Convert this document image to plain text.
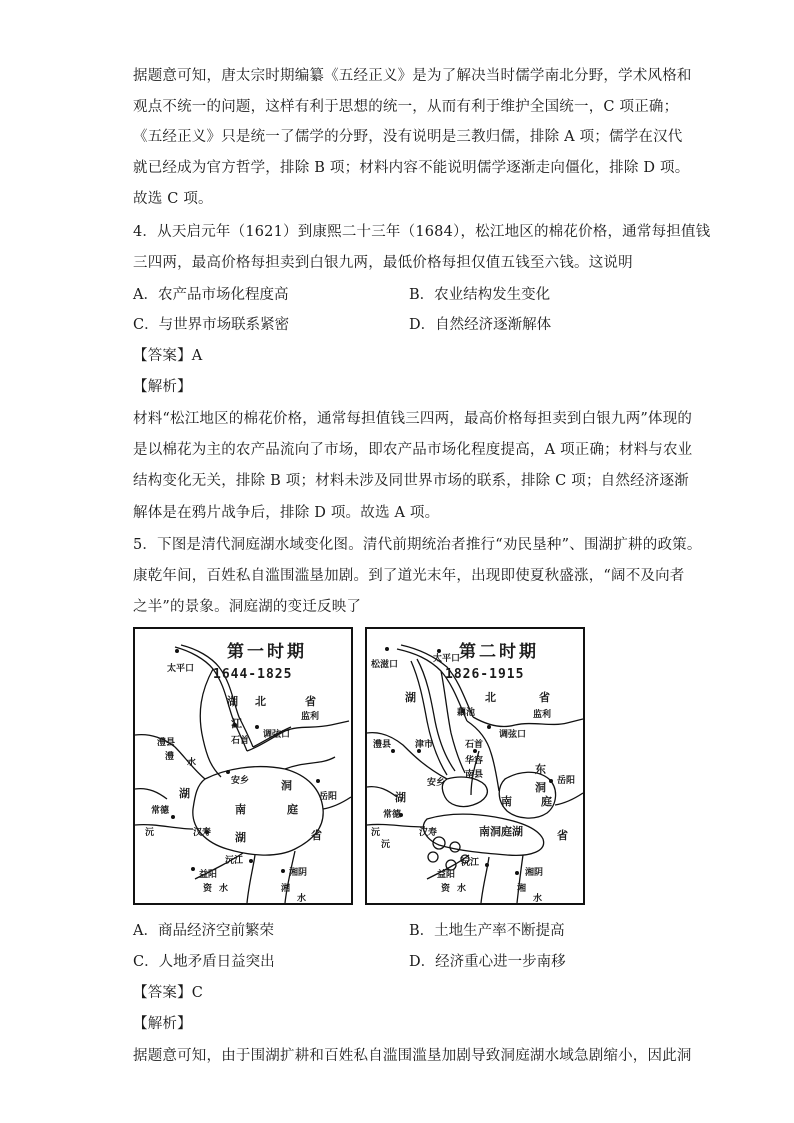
据题意可知，唐太宗时期编纂《五经正义》是为了解决当时儒学南北分野，学术风格和
观点不统一的问题，这样有利于思想的统一，从而有利于维护全国统一，C 项正确；
《五经正义》只是统一了儒学的分野，没有说明是三教归儒，排除 A 项；儒学在汉代
就已经成为官方哲学，排除 B 项；材料内容不能说明儒学逐渐走向僵化，排除 D 项。
故选 C 项。
4．从天启元年（1621）到康熙二十三年（1684），松江地区的棉花价格，通常每担值钱
三四两，最高价格每担卖到白银九两，最低价格每担仅值五钱至六钱。这说明
A．农产品市场化程度高	B．农业结构发生变化
C．与世界市场联系紧密	D．自然经济逐渐解体
【答案】A
【解析】
材料“松江地区的棉花价格，通常每担值钱三四两，最高价格每担卖到白银九两”体现的
是以棉花为主的农产品流向了市场，即农产品市场化程度提高，A 项正确；材料与农业
结构变化无关，排除 B 项；材料未涉及同世界市场的联系，排除 C 项；自然经济逐渐
解体是在鸦片战争后，排除 D 项。故选 A 项。
5．下图是清代洞庭湖水域变化图。清代前期统治者推行“劝民垦种”、围湖扩耕的政策。
康乾年间，百姓私自滥围滥垦加剧。到了道光末年，出现即使夏秋盛涨，“阔不及向者
之半”的景象。洞庭湖的变迁反映了
第一时期
1644-1825
太平口
湖 北	省
江	监利
调弦口
石首
澧县
澧
水
安乡
湖
洞
南	庭
常德
岳阳
沅	汉寿 湖	省
沅江
益阳	湘阴
资 水	湘
水
第二时期
1826-1915
松滋口
太平口
湖	北	省
藕池	监利
调弦口
澧县	津市	石首
华容
南县	东
洞 岳阳
安乡
湖	南	庭
常德
汉寿	南洞庭湖	省
沅江
益阳	湘阴
资 水	湘
水
沅
沅
A．商品经济空前繁荣	B．土地生产率不断提高
C．人地矛盾日益突出	D．经济重心进一步南移
【答案】C
【解析】
据题意可知，由于围湖扩耕和百姓私自滥围滥垦加剧导致洞庭湖水域急剧缩小，因此洞
